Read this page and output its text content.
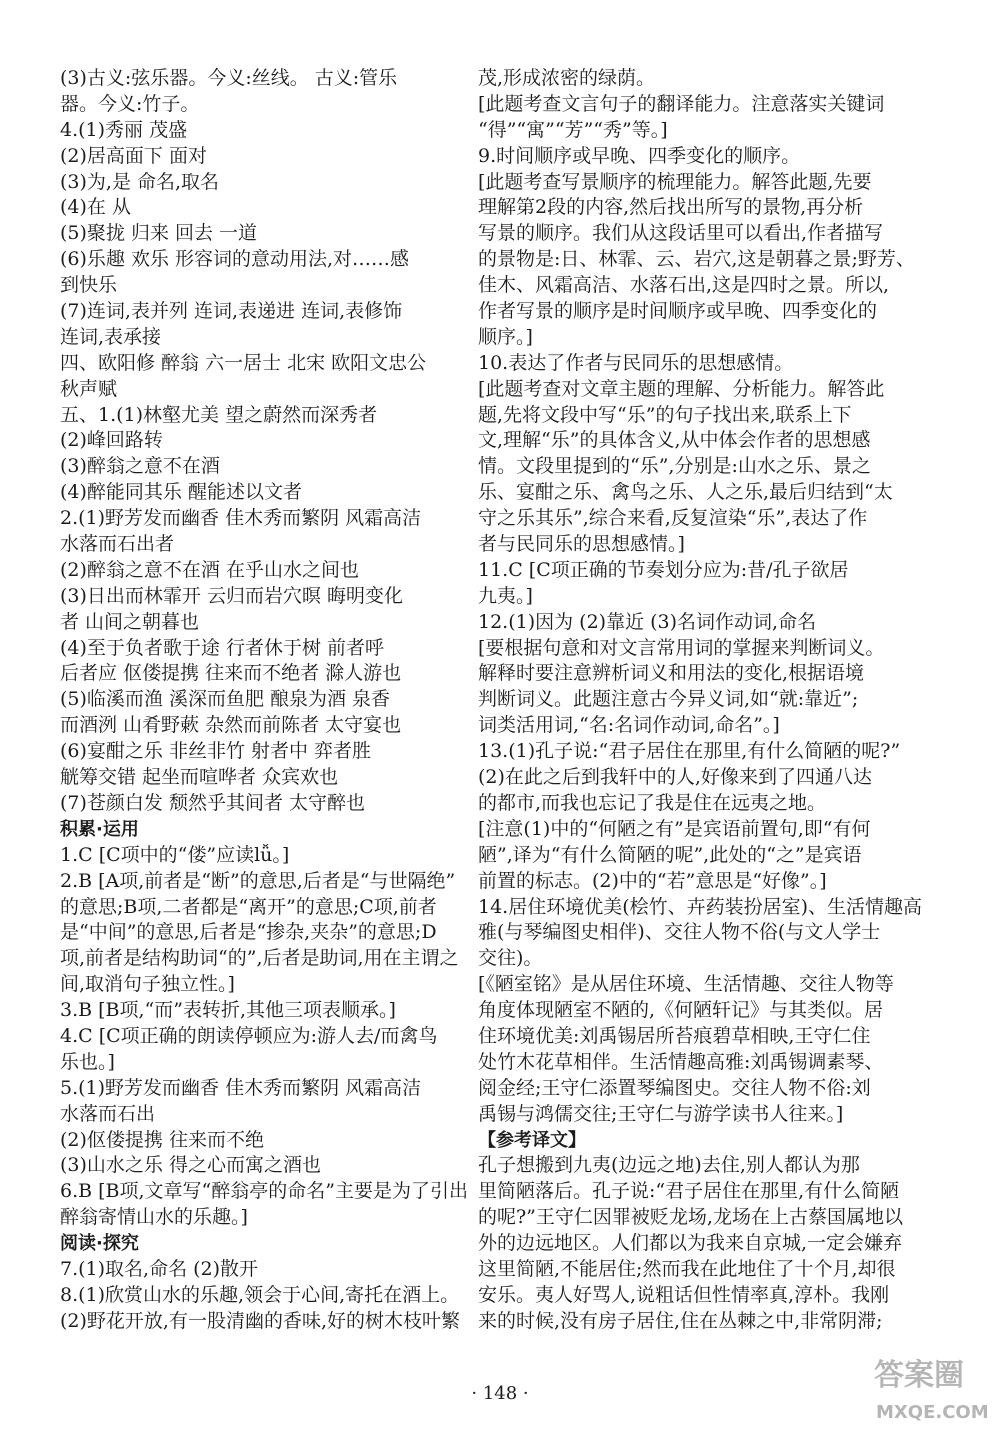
(3)古义:弦乐器。今义:丝线。 古义:管乐
器。今义:竹子。
4.(1)秀丽 茂盛
(2)居高面下 面对
(3)为,是 命名,取名
(4)在 从
(5)聚拢 归来 回去 一道
(6)乐趣 欢乐 形容词的意动用法,对……感
到快乐
(7)连词,表并列 连词,表递进 连词,表修饰
连词,表承接
四、欧阳修 醉翁 六一居士 北宋 欧阳文忠公
秋声赋
五、1.(1)林壑尤美 望之蔚然而深秀者
(2)峰回路转
(3)醉翁之意不在酒
(4)醉能同其乐 醒能述以文者
2.(1)野芳发而幽香 佳木秀而繁阴 风霜高洁
水落而石出者
(2)醉翁之意不在酒 在乎山水之间也
(3)日出而林霏开 云归而岩穴暝 晦明变化
者 山间之朝暮也
(4)至于负者歌于途 行者休于树 前者呼
后者应 伛偻提携 往来而不绝者 滁人游也
(5)临溪而渔 溪深而鱼肥 酿泉为酒 泉香
而酒洌 山肴野蔌 杂然而前陈者 太守宴也
(6)宴酣之乐 非丝非竹 射者中 弈者胜
觥筹交错 起坐而喧哗者 众宾欢也
(7)苍颜白发 颓然乎其间者 太守醉也
积累·运用
1.C [C项中的“偻”应读lǚ。]
2.B [A项,前者是“断”的意思,后者是“与世隔绝”
的意思;B项,二者都是“离开”的意思;C项,前者
是“中间”的意思,后者是“掺杂,夹杂”的意思;D
项,前者是结构助词“的”,后者是助词,用在主谓之
间,取消句子独立性。]
3.B [B项,“而”表转折,其他三项表顺承。]
4.C [C项正确的朗读停顿应为:游人去/而禽鸟
乐也。]
5.(1)野芳发而幽香 佳木秀而繁阴 风霜高洁
水落而石出
(2)伛偻提携 往来而不绝
(3)山水之乐 得之心而寓之酒也
6.B [B项,文章写“醉翁亭的命名”主要是为了引出
醉翁寄情山水的乐趣。]
阅读·探究
7.(1)取名,命名 (2)散开
8.(1)欣赏山水的乐趣,领会于心间,寄托在酒上。
(2)野花开放,有一股清幽的香味,好的树木枝叶繁
茂,形成浓密的绿荫。
[此题考查文言句子的翻译能力。注意落实关键词
“得”“寓”“芳”“秀”等。]
9.时间顺序或早晚、四季变化的顺序。
[此题考查写景顺序的梳理能力。解答此题,先要
理解第2段的内容,然后找出所写的景物,再分析
写景的顺序。我们从这段话里可以看出,作者描写
的景物是:日、林霏、云、岩穴,这是朝暮之景;野芳、
佳木、风霜高洁、水落石出,这是四时之景。所以,
作者写景的顺序是时间顺序或早晚、四季变化的
顺序。]
10.表达了作者与民同乐的思想感情。
[此题考查对文章主题的理解、分析能力。解答此
题,先将文段中写“乐”的句子找出来,联系上下
文,理解“乐”的具体含义,从中体会作者的思想感
情。文段里提到的“乐”,分别是:山水之乐、景之
乐、宴酣之乐、禽鸟之乐、人之乐,最后归结到“太
守之乐其乐”,综合来看,反复渲染“乐”,表达了作
者与民同乐的思想感情。]
11.C [C项正确的节奏划分应为:昔/孔子欲居
九夷。]
12.(1)因为 (2)靠近 (3)名词作动词,命名
[要根据句意和对文言常用词的掌握来判断词义。
解释时要注意辨析词义和用法的变化,根据语境
判断词义。此题注意古今异义词,如“就:靠近”;
词类活用词,“名:名词作动词,命名”。]
13.(1)孔子说:“君子居住在那里,有什么简陋的呢?”
(2)在此之后到我轩中的人,好像来到了四通八达
的都市,而我也忘记了我是住在远夷之地。
[注意(1)中的“何陋之有”是宾语前置句,即“有何
陋”,译为“有什么简陋的呢”,此处的“之”是宾语
前置的标志。(2)中的“若”意思是“好像”。]
14.居住环境优美(桧竹、卉药装扮居室)、生活情趣高
雅(与琴编图史相伴)、交往人物不俗(与文人学士
交往)。
[《陋室铭》是从居住环境、生活情趣、交往人物等
角度体现陋室不陋的,《何陋轩记》与其类似。居
住环境优美:刘禹锡居所苔痕碧草相映,王守仁住
处竹木花草相伴。生活情趣高雅:刘禹锡调素琴、
阅金经;王守仁添置琴编图史。交往人物不俗:刘
禹锡与鸿儒交往;王守仁与游学读书人往来。]
【参考译文】
孔子想搬到九夷(边远之地)去住,别人都认为那
里简陋落后。孔子说:“君子居住在那里,有什么简陋
的呢?”王守仁因罪被贬龙场,龙场在上古蔡国属地以
外的边远地区。人们都以为我来自京城,一定会嫌弃
这里简陋,不能居住;然而我在此地住了十个月,却很
安乐。夷人好骂人,说粗话但性情率真,淳朴。我刚
来的时候,没有房子居住,住在丛棘之中,非常阴滞;
· 148 ·
答案圈
MXQE.COM
